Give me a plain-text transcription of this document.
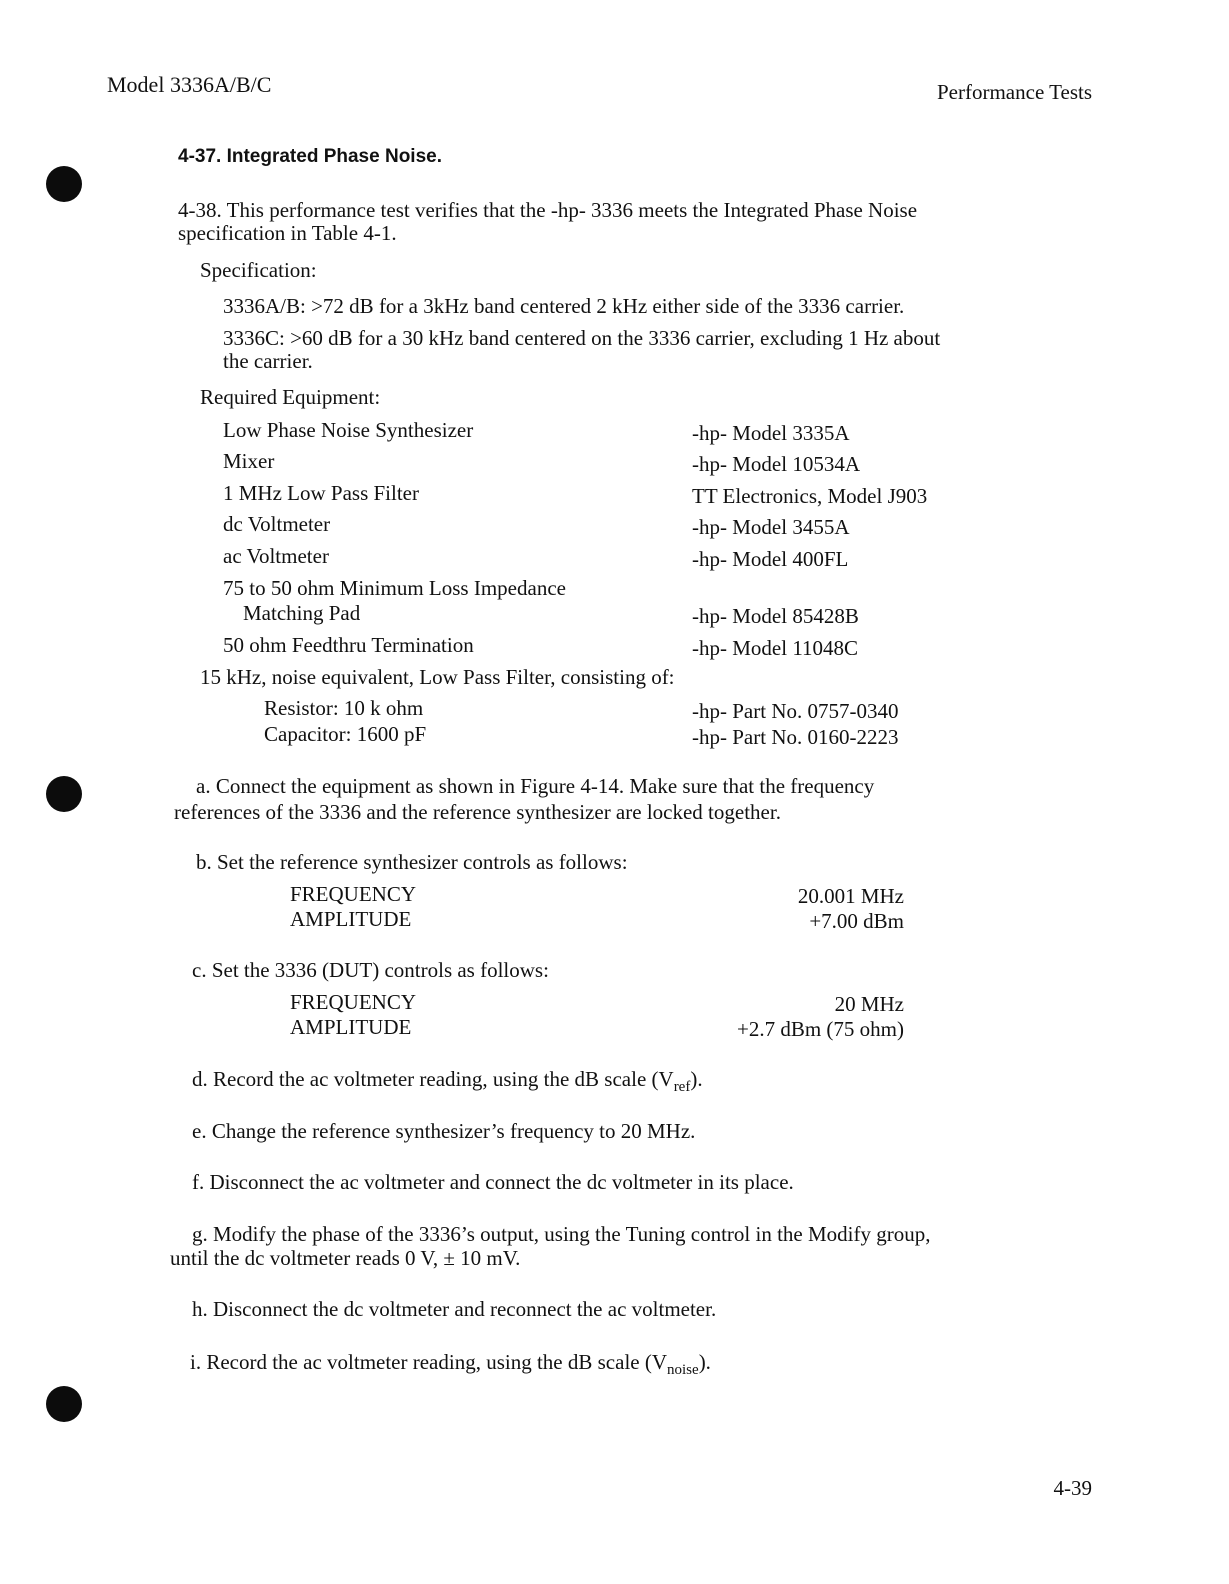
Model 3336A/B/C	Performance Tests
4-37. Integrated Phase Noise.
4-38. This performance test verifies that the -hp- 3336 meets the Integrated Phase Noise
specification in Table 4-1.
Specification:
3336A/B: >72 dB for a 3kHz band centered 2 kHz either side of the 3336 carrier.
3336C: >60 dB for a 30 kHz band centered on the 3336 carrier, excluding 1 Hz about
the carrier.
Required Equipment:
Low Phase Noise Synthesizer	-hp- Model 3335A
Mixer	-hp- Model 10534A
1 MHz Low Pass Filter	TT Electronics, Model J903
dc Voltmeter	-hp- Model 3455A
ac Voltmeter	-hp- Model 400FL
75 to 50 ohm Minimum Loss Impedance
Matching Pad	-hp- Model 85428B
50 ohm Feedthru Termination	-hp- Model 11048C
15 kHz, noise equivalent, Low Pass Filter, consisting of:
Resistor: 10 k ohm	-hp- Part No. 0757-0340
Capacitor: 1600 pF	-hp- Part No. 0160-2223
a. Connect the equipment as shown in Figure 4-14. Make sure that the frequency
references of the 3336 and the reference synthesizer are locked together.
b. Set the reference synthesizer controls as follows:
FREQUENCY	20.001 MHz
AMPLITUDE	+7.00 dBm
c. Set the 3336 (DUT) controls as follows:
FREQUENCY	20 MHz
AMPLITUDE	+2.7 dBm (75 ohm)
d. Record the ac voltmeter reading, using the dB scale $(V_{ref})$.
e. Change the reference synthesizer’s frequency to 20 MHz.
f. Disconnect the ac voltmeter and connect the dc voltmeter in its place.
g. Modify the phase of the 3336’s output, using the Tuning control in the Modify group,
until the dc voltmeter reads 0 V, ± 10 mV.
h. Disconnect the dc voltmeter and reconnect the ac voltmeter.
i. Record the ac voltmeter reading, using the dB scale $(V_{noise})$.
4-39
